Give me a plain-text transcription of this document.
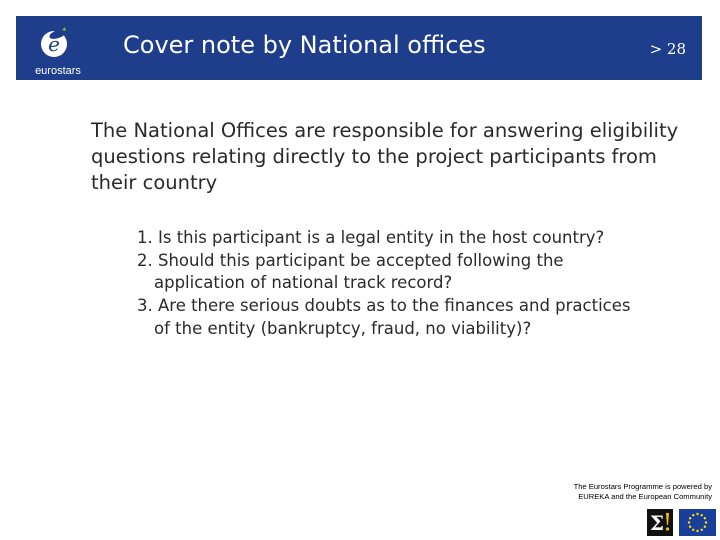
e
eurostars
Cover note by National offices	> 28

The National Offices are responsible for answering eligibility questions relating directly to the project participants from their country

1. Is this participant is a legal entity in the host country?
2. Should this participant be accepted following the application of national track record?
3. Are there serious doubts as to the finances and practices of the entity (bankruptcy, fraud, no viability)?
The Eurostars Programme is powered by
EUREKA and the European Community
Σ
